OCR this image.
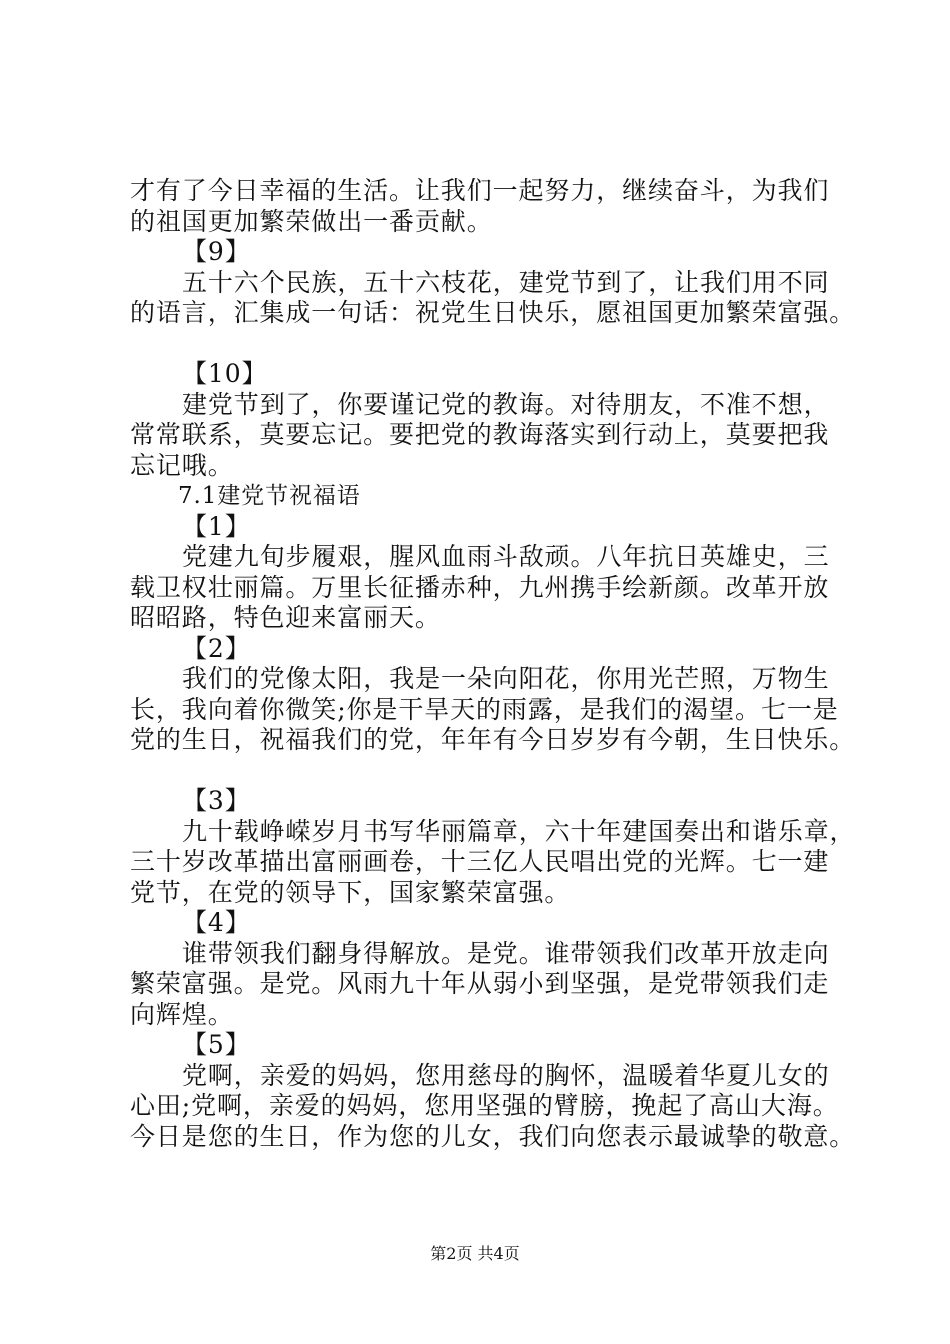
才有了今日幸福的生活。让我们一起努力，继续奋斗，为我们
的祖国更加繁荣做出一番贡献。
【9】
五十六个民族，五十六枝花，建党节到了，让我们用不同
的语言，汇集成一句话：祝党生日快乐，愿祖国更加繁荣富强。
【10】
建党节到了，你要谨记党的教诲。对待朋友，不准不想，
常常联系，莫要忘记。要把党的教诲落实到行动上，莫要把我
忘记哦。
7.1建党节祝福语
【1】
党建九旬步履艰，腥风血雨斗敌顽。八年抗日英雄史，三
载卫权壮丽篇。万里长征播赤种，九州携手绘新颜。改革开放
昭昭路，特色迎来富丽天。
【2】
我们的党像太阳，我是一朵向阳花，你用光芒照，万物生
长，我向着你微笑;你是干旱天的雨露，是我们的渴望。七一是
党的生日，祝福我们的党，年年有今日岁岁有今朝，生日快乐。
【3】
九十载峥嵘岁月书写华丽篇章，六十年建国奏出和谐乐章，
三十岁改革描出富丽画卷，十三亿人民唱出党的光辉。七一建
党节，在党的领导下，国家繁荣富强。
【4】
谁带领我们翻身得解放。是党。谁带领我们改革开放走向
繁荣富强。是党。风雨九十年从弱小到坚强，是党带领我们走
向辉煌。
【5】
党啊，亲爱的妈妈，您用慈母的胸怀，温暖着华夏儿女的
心田;党啊，亲爱的妈妈，您用坚强的臂膀，挽起了高山大海。
今日是您的生日，作为您的儿女，我们向您表示最诚挚的敬意。
第2页 共4页
